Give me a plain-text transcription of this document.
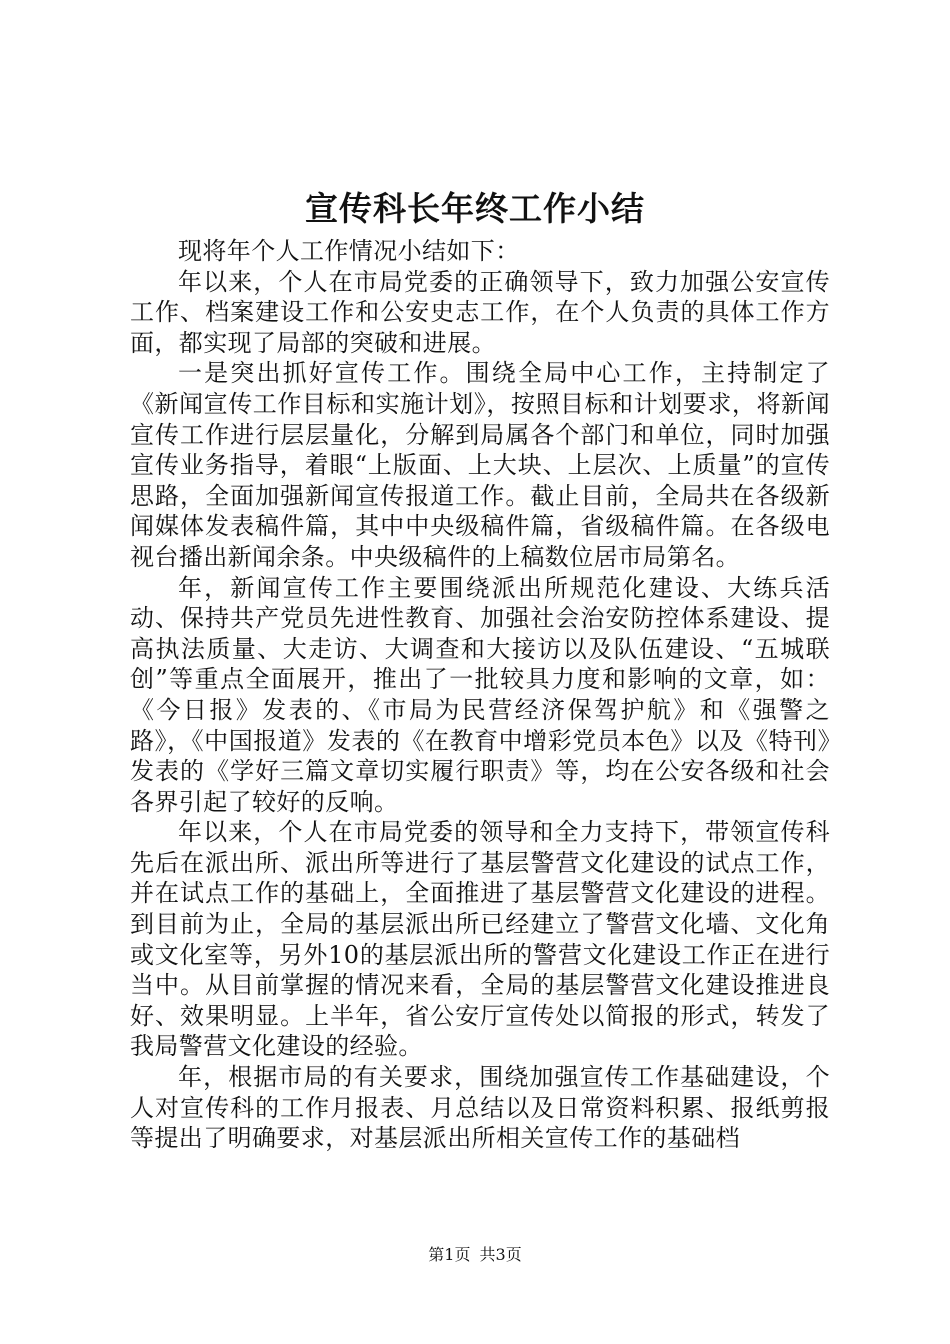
宣传科长年终工作小结

现将年个人工作情况小结如下：

年以来，个人在市局党委的正确领导下，致力加强公安宣传工作、档案建设工作和公安史志工作，在个人负责的具体工作方面，都实现了局部的突破和进展。

一是突出抓好宣传工作。围绕全局中心工作，主持制定了《新闻宣传工作目标和实施计划》，按照目标和计划要求，将新闻宣传工作进行层层量化，分解到局属各个部门和单位，同时加强宣传业务指导，着眼“上版面、上大块、上层次、上质量”的宣传思路，全面加强新闻宣传报道工作。截止目前，全局共在各级新闻媒体发表稿件篇，其中中央级稿件篇，省级稿件篇。在各级电视台播出新闻余条。中央级稿件的上稿数位居市局第名。

年，新闻宣传工作主要围绕派出所规范化建设、大练兵活动、保持共产党员先进性教育、加强社会治安防控体系建设、提高执法质量、大走访、大调查和大接访以及队伍建设、“五城联创”等重点全面展开，推出了一批较具力度和影响的文章，如：《今日报》发表的、《市局为民营经济保驾护航》和《强警之路》，《中国报道》发表的《在教育中增彩党员本色》以及《特刊》发表的《学好三篇文章切实履行职责》等，均在公安各级和社会各界引起了较好的反响。

年以来，个人在市局党委的领导和全力支持下，带领宣传科先后在派出所、派出所等进行了基层警营文化建设的试点工作，并在试点工作的基础上，全面推进了基层警营文化建设的进程。到目前为止，全局的基层派出所已经建立了警营文化墙、文化角或文化室等，另外10的基层派出所的警营文化建设工作正在进行当中。从目前掌握的情况来看，全局的基层警营文化建设推进良好、效果明显。上半年，省公安厅宣传处以简报的形式，转发了我局警营文化建设的经验。

年，根据市局的有关要求，围绕加强宣传工作基础建设，个人对宣传科的工作月报表、月总结以及日常资料积累、报纸剪报等提出了明确要求，对基层派出所相关宣传工作的基础档

第1页 共3页
